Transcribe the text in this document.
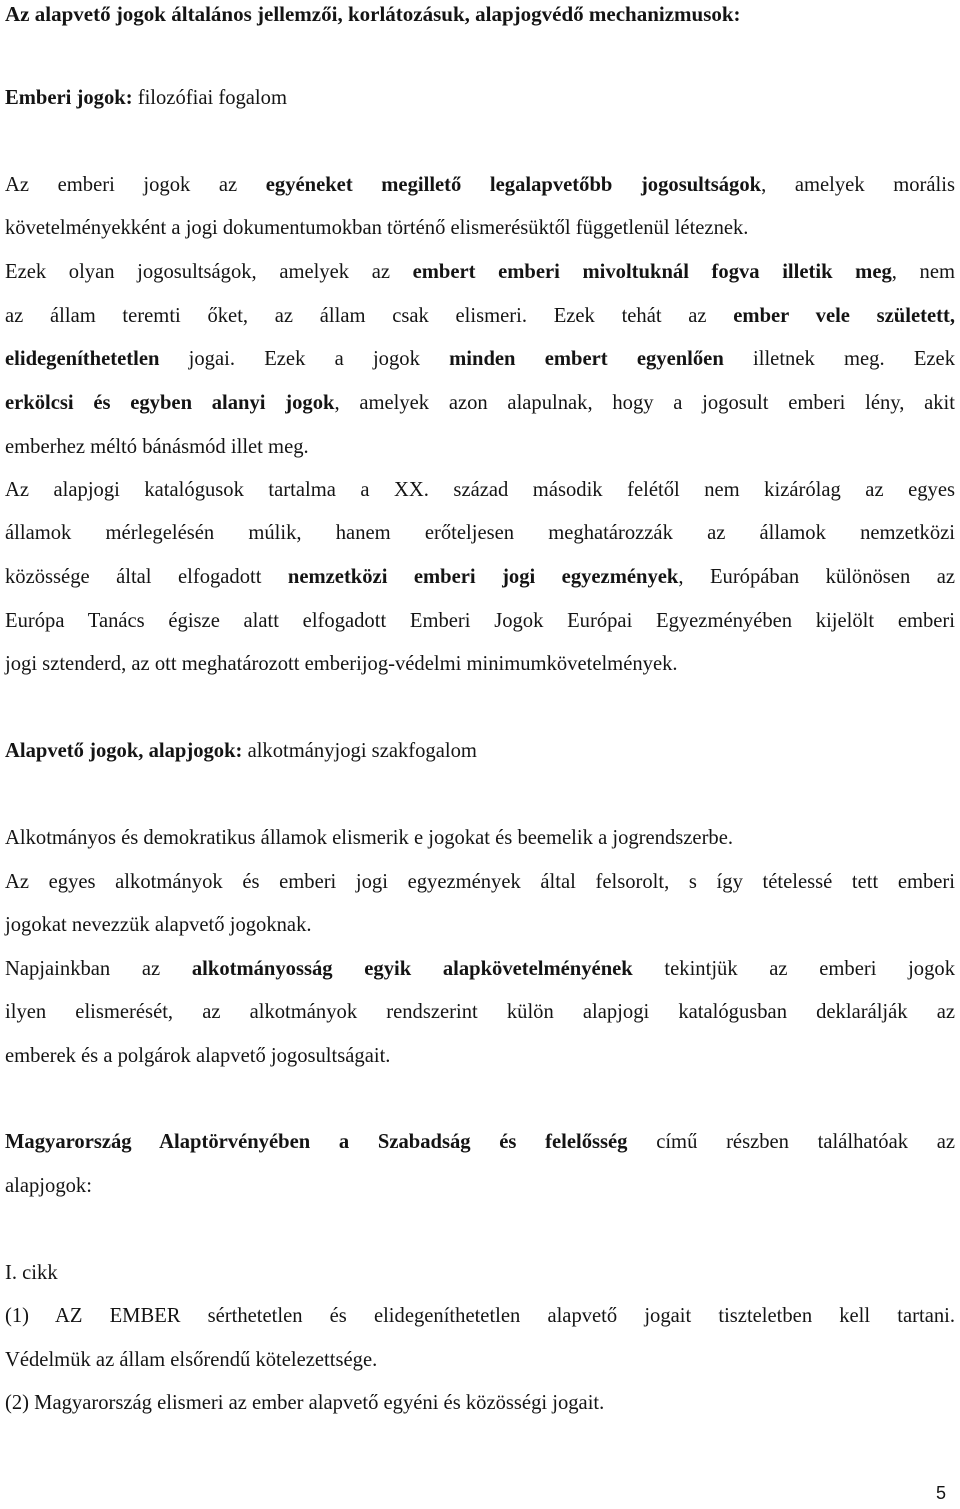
Az alapvető jogok általános jellemzői, korlátozásuk, alapjogvédő mechanizmusok:
Emberi jogok: filozófiai fogalom
Az emberi jogok az egyéneket megillető legalapvetőbb jogosultságok, amelyek morális
követelményekként a jogi dokumentumokban történő elismerésüktől függetlenül léteznek.
Ezek olyan jogosultságok, amelyek az embert emberi mivoltuknál fogva illetik meg, nem
az állam teremti őket, az állam csak elismeri. Ezek tehát az ember vele született,
elidegeníthetetlen jogai. Ezek a jogok minden embert egyenlően illetnek meg. Ezek
erkölcsi és egyben alanyi jogok, amelyek azon alapulnak, hogy a jogosult emberi lény, akit
emberhez méltó bánásmód illet meg.
Az alapjogi katalógusok tartalma a XX. század második felétől nem kizárólag az egyes
államok mérlegelésén múlik, hanem erőteljesen meghatározzák az államok nemzetközi
közössége által elfogadott nemzetközi emberi jogi egyezmények, Európában különösen az
Európa Tanács égisze alatt elfogadott Emberi Jogok Európai Egyezményében kijelölt emberi
jogi sztenderd, az ott meghatározott emberijog-védelmi minimumkövetelmények.
Alapvető jogok, alapjogok: alkotmányjogi szakfogalom
Alkotmányos és demokratikus államok elismerik e jogokat és beemelik a jogrendszerbe.
Az egyes alkotmányok és emberi jogi egyezmények által felsorolt, s így tételessé tett emberi
jogokat nevezzük alapvető jogoknak.
Napjainkban az alkotmányosság egyik alapkövetelményének tekintjük az emberi jogok
ilyen elismerését, az alkotmányok rendszerint külön alapjogi katalógusban deklarálják az
emberek és a polgárok alapvető jogosultságait.
Magyarország Alaptörvényében a Szabadság és felelősség című részben találhatóak az
alapjogok:
I. cikk
(1) AZ EMBER sérthetetlen és elidegeníthetetlen alapvető jogait tiszteletben kell tartani.
Védelmük az állam elsőrendű kötelezettsége.
(2) Magyarország elismeri az ember alapvető egyéni és közösségi jogait.
5
